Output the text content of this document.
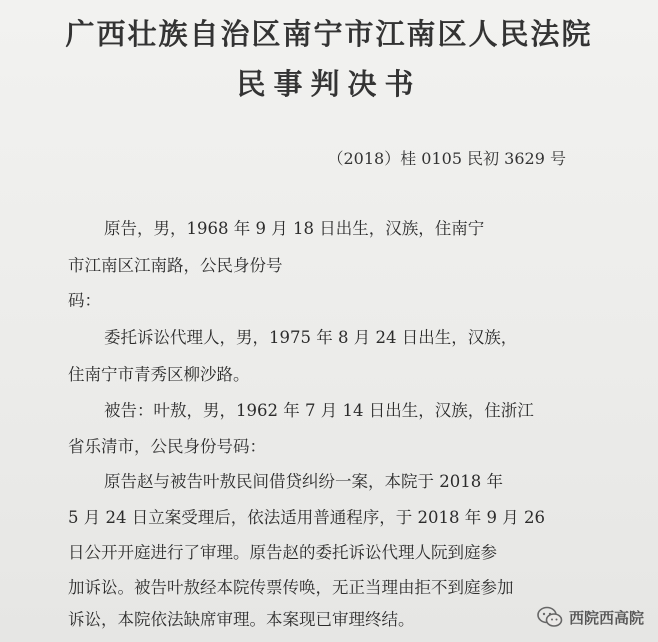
广西壮族自治区南宁市江南区人民法院
民事判决书
（2018）桂 0105 民初 3629 号
原告，男，1968 年 9 月 18 日出生，汉族，住南宁
市江南区江南路，公民身份号
码：
委托诉讼代理人，男，1975 年 8 月 24 日出生，汉族，
住南宁市青秀区柳沙路。
被告：叶敖，男，1962 年 7 月 14 日出生，汉族，住浙江
省乐清市，公民身份号码：
原告赵与被告叶敖民间借贷纠纷一案，本院于 2018 年
5 月 24 日立案受理后，依法适用普通程序，于 2018 年 9 月 26
日公开开庭进行了审理。原告赵的委托诉讼代理人阮到庭参
加诉讼。被告叶敖经本院传票传唤，无正当理由拒不到庭参加
诉讼，本院依法缺席审理。本案现已审理终结。	西院西高院
